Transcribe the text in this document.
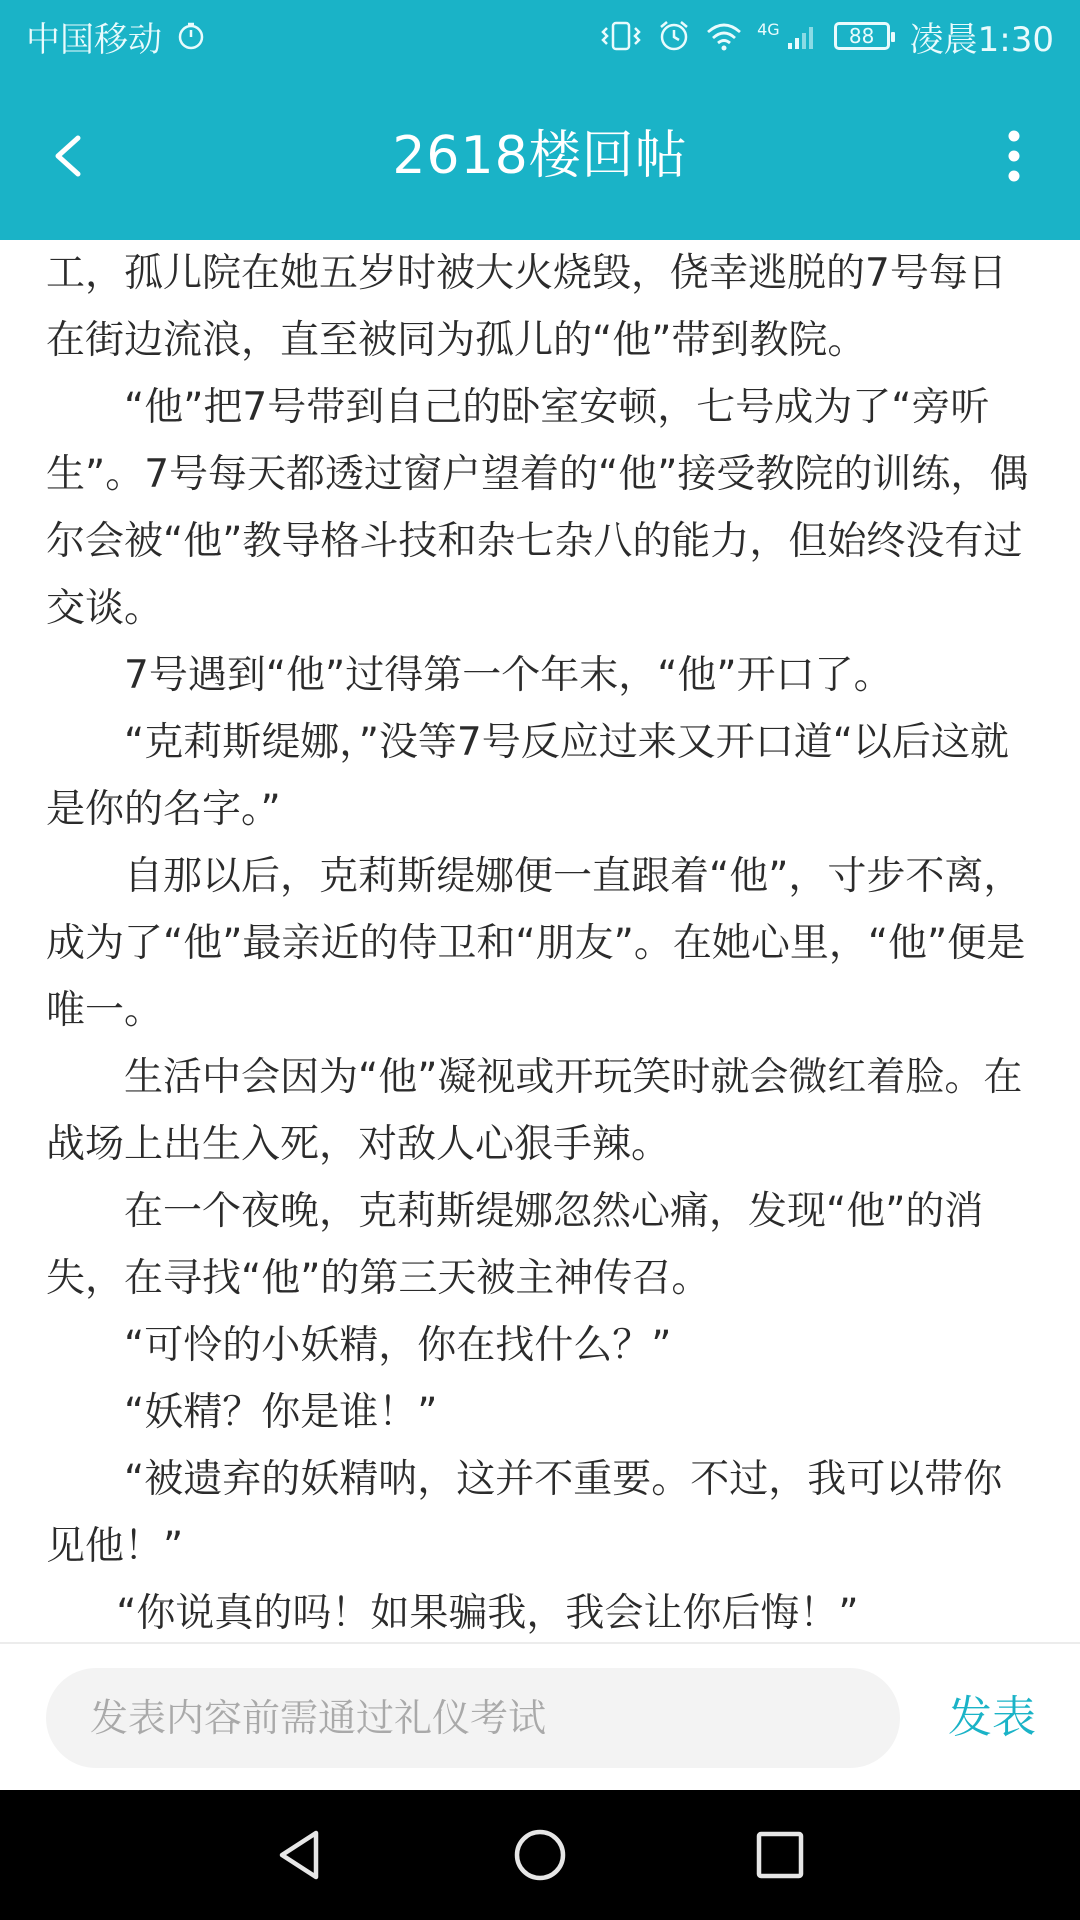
中国移动	4G	88 凌晨1:30
2618楼回帖

工，孤儿院在她五岁时被大火烧毁，侥幸逃脱的7号每日在街边流浪，直至被同为孤儿的“他”带到教院。

“他”把7号带到自己的卧室安顿，七号成为了“旁听生”。7号每天都透过窗户望着的“他”接受教院的训练，偶尔会被“他”教导格斗技和杂七杂八的能力，但始终没有过交谈。

7号遇到“他”过得第一个年末，“他”开口了。

“克莉斯缇娜，”没等7号反应过来又开口道“以后这就是你的名字。”

自那以后，克莉斯缇娜便一直跟着“他”，寸步不离，成为了“他”最亲近的侍卫和“朋友”。在她心里，“他”便是唯一。

生活中会因为“他”凝视或开玩笑时就会微红着脸。在战场上出生入死，对敌人心狠手辣。

在一个夜晚，克莉斯缇娜忽然心痛，发现“他”的消失，在寻找“他”的第三天被主神传召。

“可怜的小妖精，你在找什么？”

“妖精？你是谁！”

“被遗弃的妖精呐，这并不重要。不过，我可以带你见他！”

“你说真的吗！如果骗我，我会让你后悔！”

发表内容前需通过礼仪考试
发表
